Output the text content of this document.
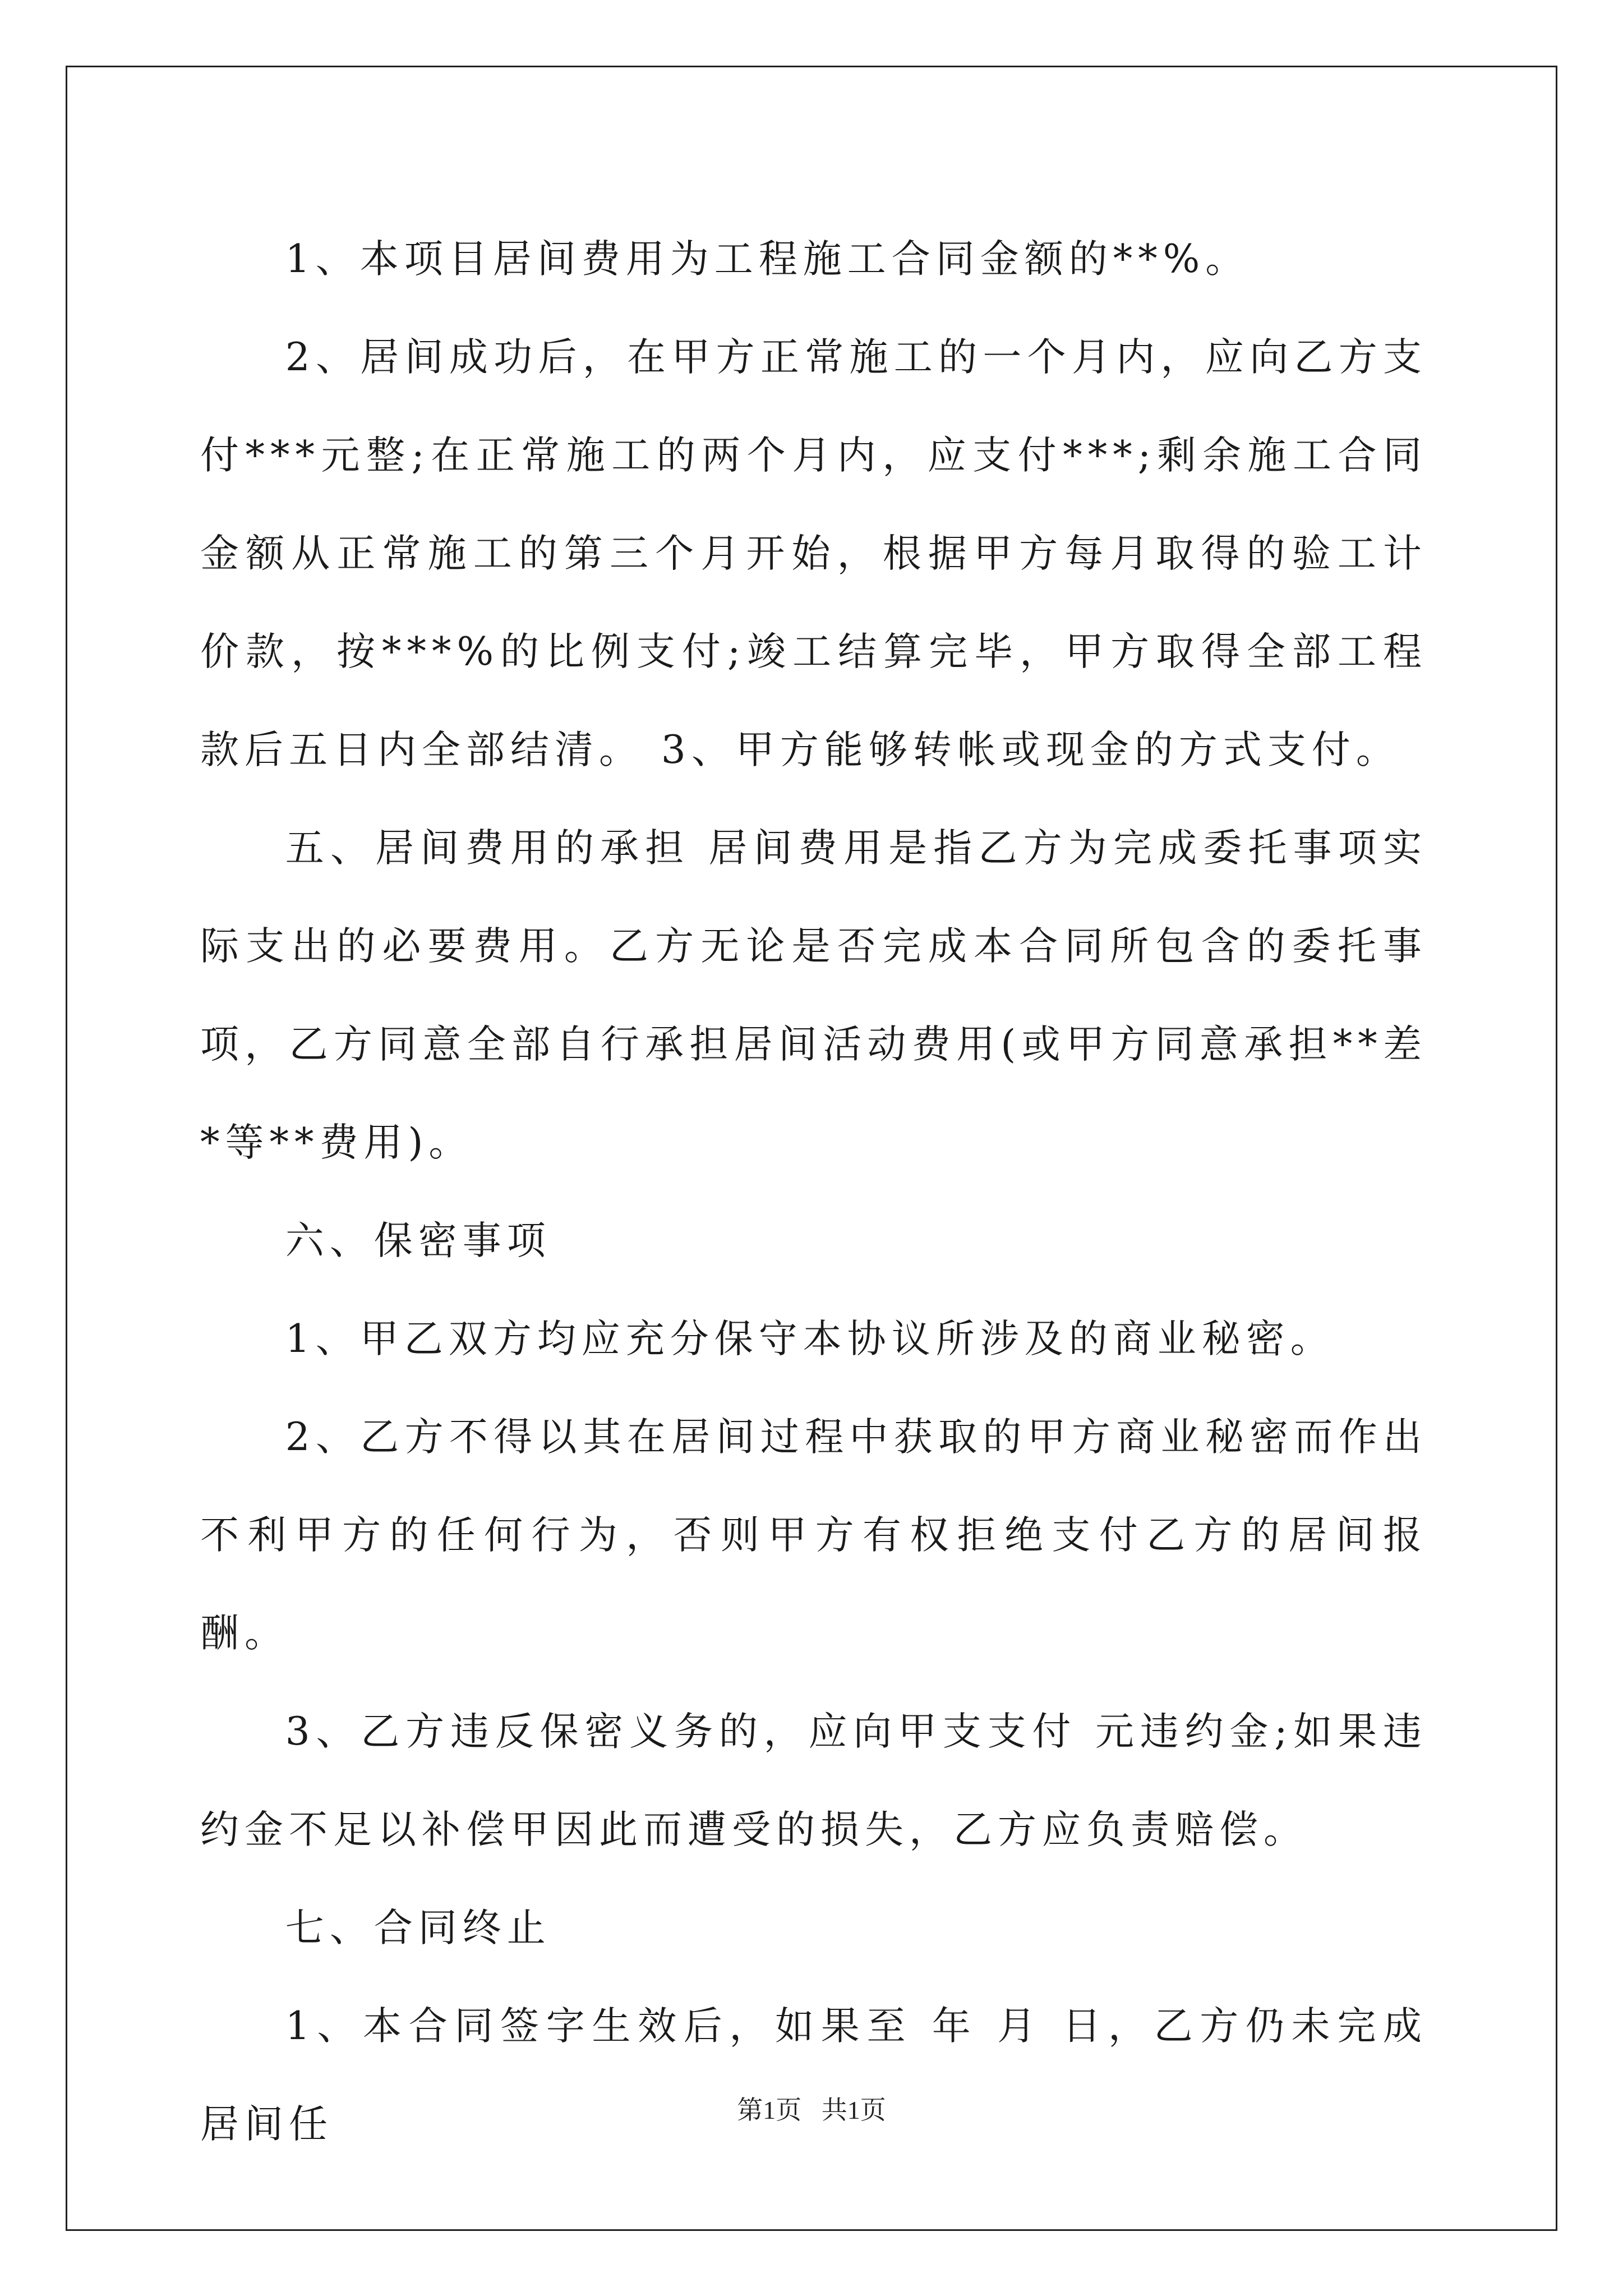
1、本项目居间费用为工程施工合同金额的**%。

2、居间成功后，在甲方正常施工的一个月内，应向乙方支付***元整;在正常施工的两个月内，应支付***;剩余施工合同金额从正常施工的第三个月开始，根据甲方每月取得的验工计价款，按***%的比例支付;竣工结算完毕，甲方取得全部工程款后五日内全部结清。 3、甲方能够转帐或现金的方式支付。

五、居间费用的承担 居间费用是指乙方为完成委托事项实际支出的必要费用。乙方无论是否完成本合同所包含的委托事项，乙方同意全部自行承担居间活动费用(或甲方同意承担**差*等**费用)。

六、保密事项

1、甲乙双方均应充分保守本协议所涉及的商业秘密。

2、乙方不得以其在居间过程中获取的甲方商业秘密而作出不利甲方的任何行为，否则甲方有权拒绝支付乙方的居间报酬。

3、乙方违反保密义务的，应向甲支支付 元违约金;如果违约金不足以补偿甲因此而遭受的损失，乙方应负责赔偿。

七、合同终止

1、本合同签字生效后，如果至 年 月 日，乙方仍未完成居间任	第1页 共1页
